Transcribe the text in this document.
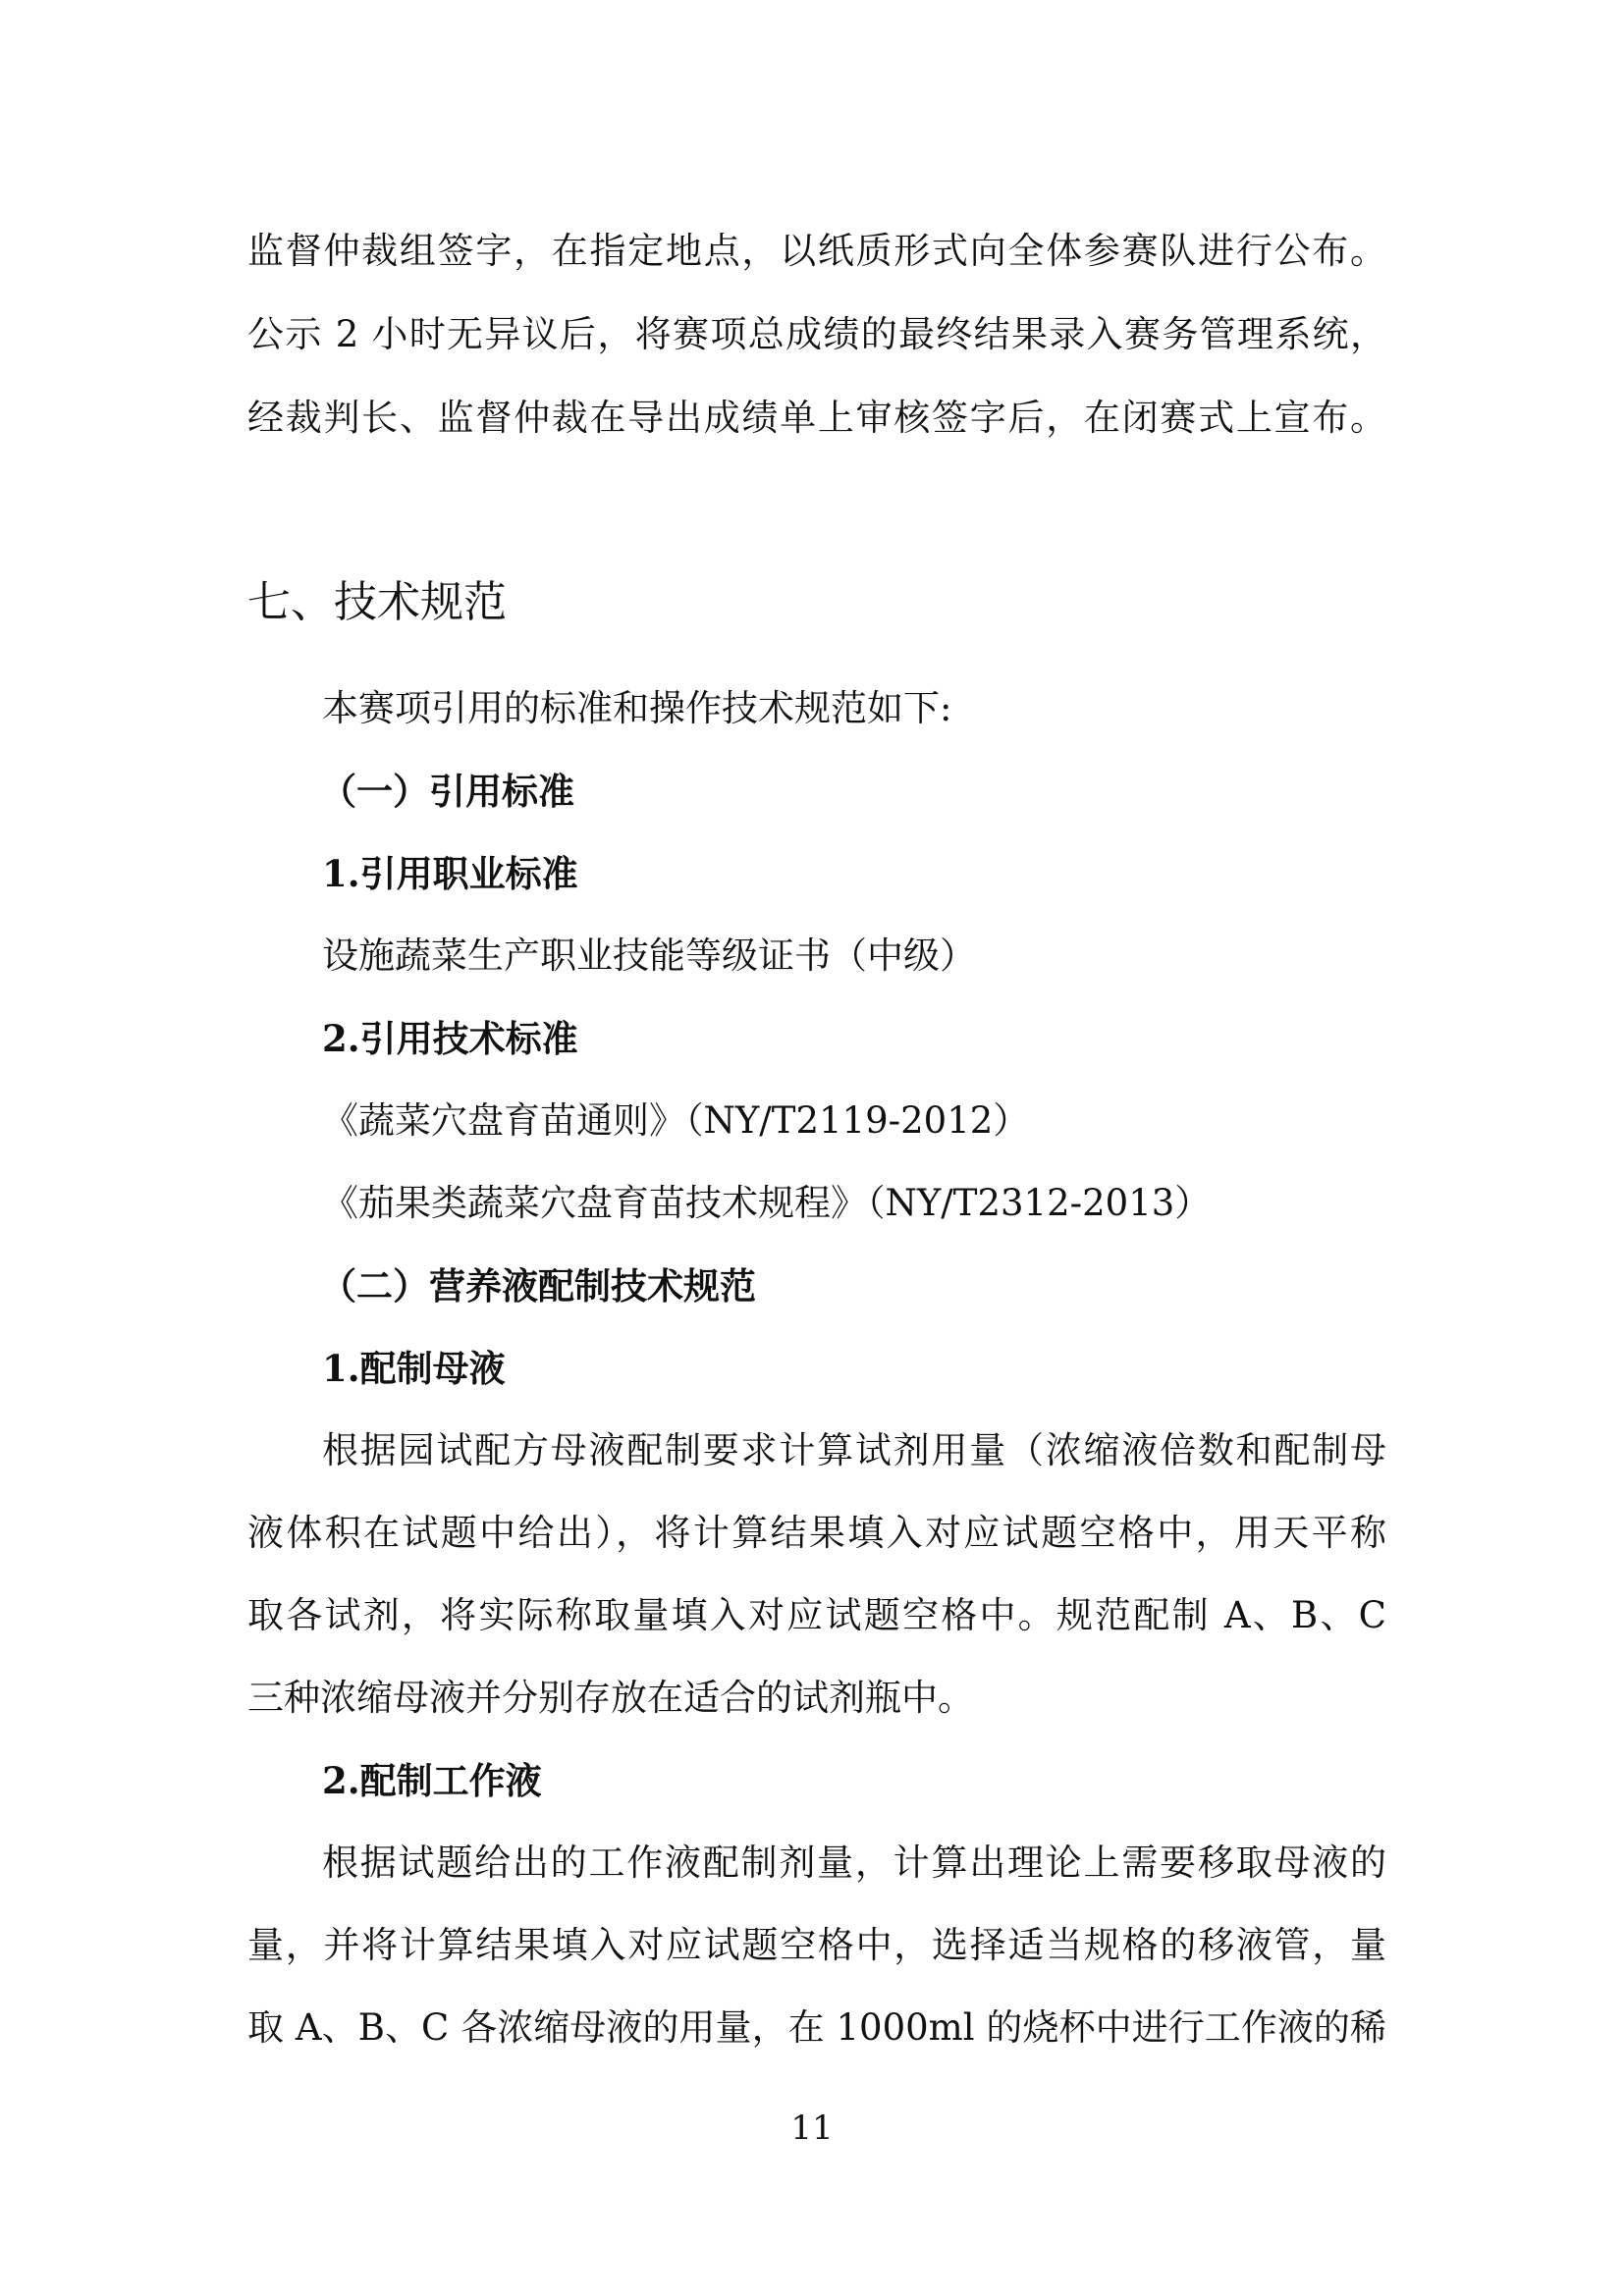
监督仲裁组签字，在指定地点，以纸质形式向全体参赛队进行公布。
公示 2 小时无异议后，将赛项总成绩的最终结果录入赛务管理系统，
经裁判长、监督仲裁在导出成绩单上审核签字后，在闭赛式上宣布。
七、技术规范
本赛项引用的标准和操作技术规范如下:
（一）引用标准
1.引用职业标准
设施蔬菜生产职业技能等级证书（中级）
2.引用技术标准
《蔬菜穴盘育苗通则》（NY/T2119-2012）
《茄果类蔬菜穴盘育苗技术规程》（NY/T2312-2013）
（二）营养液配制技术规范
1.配制母液
根据园试配方母液配制要求计算试剂用量（浓缩液倍数和配制母
液体积在试题中给出），将计算结果填入对应试题空格中，用天平称
取各试剂，将实际称取量填入对应试题空格中。规范配制 A、B、C
三种浓缩母液并分别存放在适合的试剂瓶中。
2.配制工作液
根据试题给出的工作液配制剂量，计算出理论上需要移取母液的
量，并将计算结果填入对应试题空格中，选择适当规格的移液管，量
取 A、B、C 各浓缩母液的用量，在 1000ml 的烧杯中进行工作液的稀
11
